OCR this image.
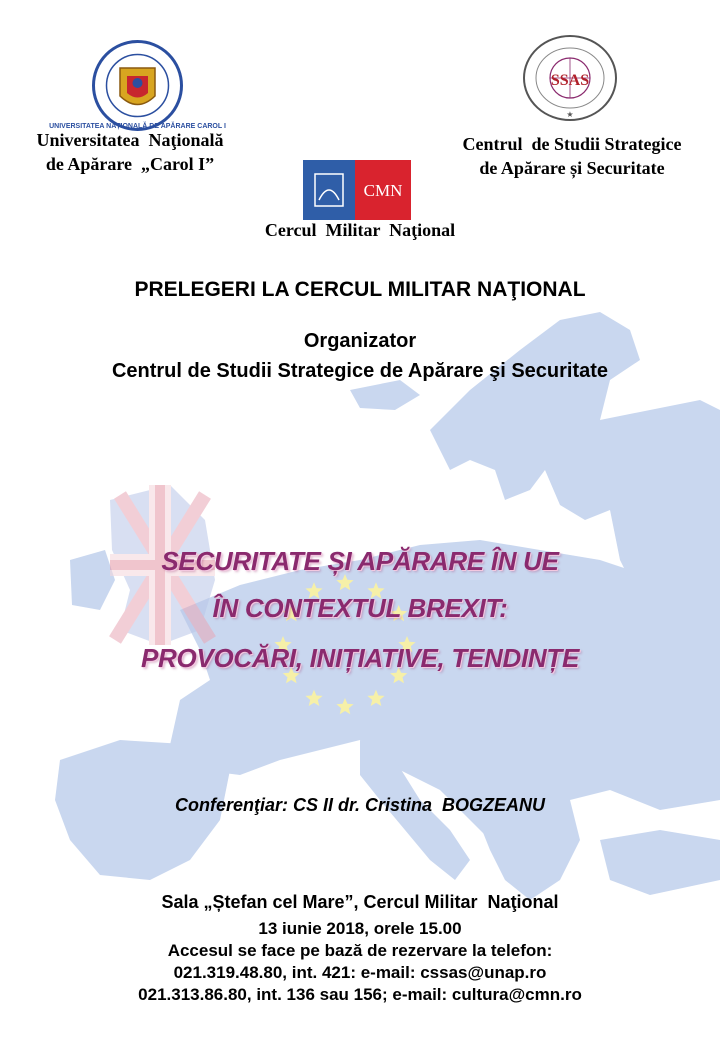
UNIVERSITATEA NAȚIONALĂ DE APĂRARE CAROL I
SSAS
★
CMN
Universitatea  Naţională
de Apărare  „Carol I”
Centrul  de Studii Strategice
de Apărare și Securitate
Cercul  Militar  Naţional
PRELEGERI LA CERCUL MILITAR NAŢIONAL
Organizator
Centrul de Studii Strategice de Apărare şi Securitate
SECURITATE ȘI APĂRARE ÎN UE
ÎN CONTEXTUL BREXIT:
PROVOCĂRI, INIȚIATIVE, TENDINȚE
Conferenţiar: CS II dr. Cristina  BOGZEANU
Sala „Ștefan cel Mare”, Cercul Militar  Naţional
13 iunie 2018, orele 15.00
Accesul se face pe bază de rezervare la telefon:
021.319.48.80, int. 421: e-mail: cssas@unap.ro
021.313.86.80, int. 136 sau 156; e-mail: cultura@cmn.ro
